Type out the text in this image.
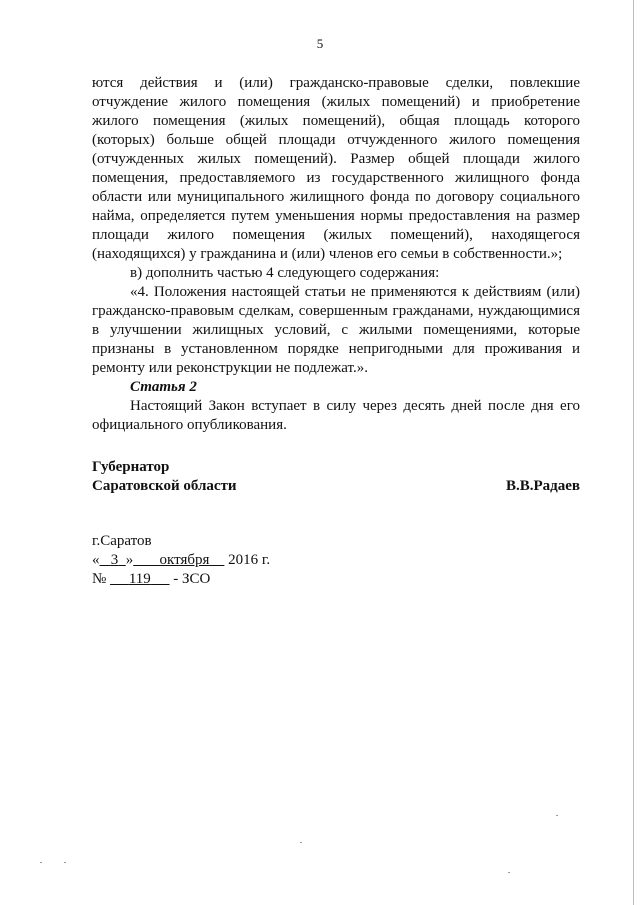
5

ются действия и (или) гражданско-правовые сделки, повлекшие отчуждение жилого помещения (жилых помещений) и приобретение жилого помещения (жилых помещений), общая площадь которого (которых) больше общей площади отчужденного жилого помещения (отчужденных жилых помещений). Размер общей площади жилого помещения, предоставляемого из государственного жилищного фонда области или муниципального жилищного фонда по договору социального найма, определяется путем уменьшения нормы предоставления на размер площади жилого помещения (жилых помещений), находящегося (находящихся) у гражданина и (или) членов его семьи в собственности.»;

в) дополнить частью 4 следующего содержания:

«4. Положения настоящей статьи не применяются к действиям (или) гражданско-правовым сделкам, совершенным гражданами, нуждающимися в улучшении жилищных условий, с жилыми помещениями, которые признаны в установленном порядке непригодными для проживания и ремонту или реконструкции не подлежат.».

Статья 2

Настоящий Закон вступает в силу через десять дней после дня его официального опубликования.

Губернатор
Саратовской области	В.В.Радаев
г.Саратов
« 3 » октября 2016 г.
№ 119 - ЗСО
